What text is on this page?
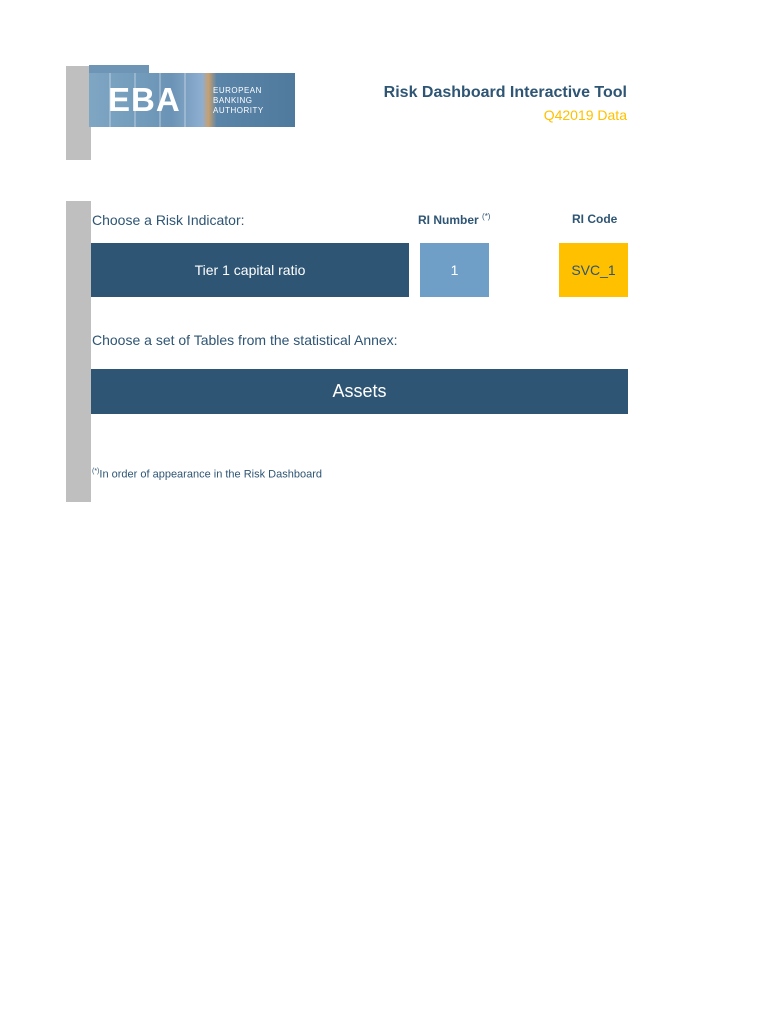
EBA	EUROPEAN
BANKING
AUTHORITY
Risk Dashboard Interactive Tool
Q42019 Data
Choose a Risk Indicator:	RI Number (*)	RI Code
Tier 1 capital ratio	1	SVC_1
Choose a set of Tables from the statistical Annex:
Assets
(*)In order of appearance in the Risk Dashboard
